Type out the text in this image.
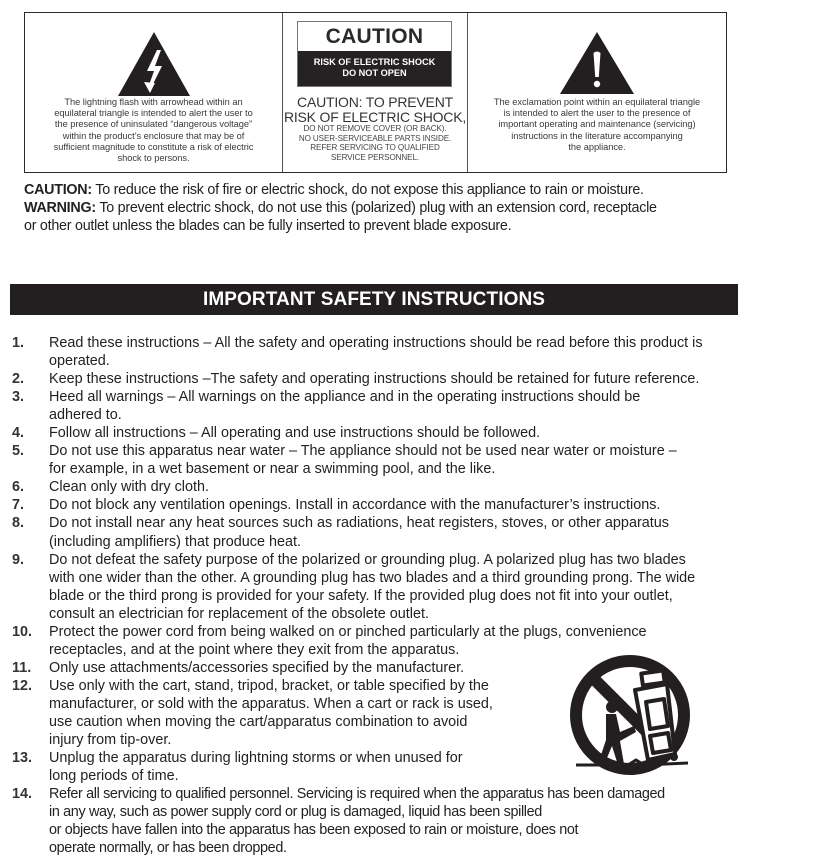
The lightning flash with arrowhead within an
equilateral triangle is intended to alert the user to
the presence of uninsulated “dangerous voltage”
within the product’s enclosure that may be of
sufficient magnitude to constitute a risk of electric
shock to persons.
CAUTION
RISK OF ELECTRIC SHOCK
DO NOT OPEN
CAUTION: TO PREVENT
RISK OF ELECTRIC SHOCK,
DO NOT REMOVE COVER (OR BACK).
NO USER-SERVICEABLE PARTS INSIDE.
REFER SERVICING TO QUALIFIED
SERVICE PERSONNEL.
The exclamation point within an equilateral triangle
is intended to alert the user to the presence of
important operating and maintenance (servicing)
instructions in the literature accompanying
the appliance.

CAUTION: To reduce the risk of fire or electric shock, do not expose this appliance to rain or moisture.

WARNING: To prevent electric shock, do not use this (polarized) plug with an extension cord, receptacle

or other outlet unless the blades can be fully inserted to prevent blade exposure.

IMPORTANT SAFETY INSTRUCTIONS
1.	Read these instructions – All the safety and operating instructions should be read before this product is
operated.
2.	Keep these instructions –The safety and operating instructions should be retained for future reference.
3.	Heed all warnings – All warnings on the appliance and in the operating instructions should be
adhered to.
4.	Follow all instructions – All operating and use instructions should be followed.
5.	Do not use this apparatus near water – The appliance should not be used near water or moisture –
for example, in a wet basement or near a swimming pool, and the like.
6.	Clean only with dry cloth.
7.	Do not block any ventilation openings. Install in accordance with the manufacturer’s instructions.
8.	Do not install near any heat sources such as radiations, heat registers, stoves, or other apparatus
(including amplifiers) that produce heat.
9.	Do not defeat the safety purpose of the polarized or grounding plug. A polarized plug has two blades
with one wider than the other. A grounding plug has two blades and a third grounding prong. The wide
blade or the third prong is provided for your safety. If the provided plug does not fit into your outlet,
consult an electrician for replacement of the obsolete outlet.
10.	Protect the power cord from being walked on or pinched particularly at the plugs, convenience
receptacles, and at the point where they exit from the apparatus.
11.	Only use attachments/accessories specified by the manufacturer.
12.	Use only with the cart, stand, tripod, bracket, or table specified by the
manufacturer, or sold with the apparatus. When a cart or rack is used,
use caution when moving the cart/apparatus combination to avoid
injury from tip-over.
13.	Unplug the apparatus during lightning storms or when unused for
long periods of time.
14.	Refer all servicing to qualified personnel. Servicing is required when the apparatus has been damaged
in any way, such as power supply cord or plug is damaged, liquid has been spilled
or objects have fallen into the apparatus has been exposed to rain or moisture, does not
operate normally, or has been dropped.
